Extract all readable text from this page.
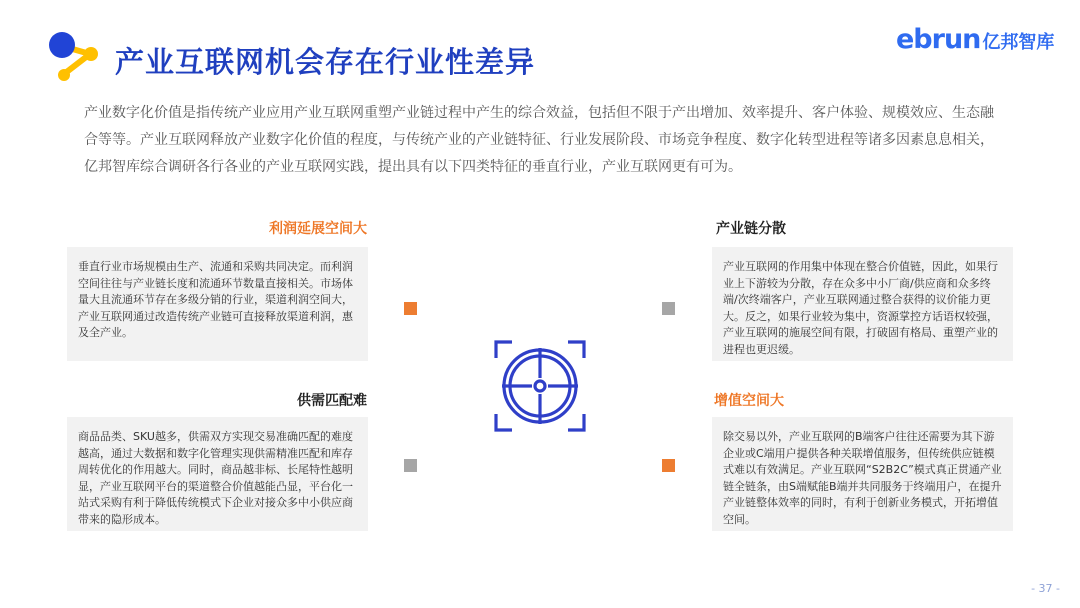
产业互联网机会存在行业性差异
ebrun 亿邦智库

产业数字化价值是指传统产业应用产业互联网重塑产业链过程中产生的综合效益，包括但不限于产出增加、效率提升、客户体验、规模效应、生态融合等等。产业互联网释放产业数字化价值的程度，与传统产业的产业链特征、行业发展阶段、市场竞争程度、数字化转型进程等诸多因素息息相关，亿邦智库综合调研各行各业的产业互联网实践，提出具有以下四类特征的垂直行业，产业互联网更有可为。

利润延展空间大
垂直行业市场规模由生产、流通和采购共同决定。而利润空间往往与产业链长度和流通环节数量直接相关。市场体量大且流通环节存在多级分销的行业，渠道利润空间大，产业互联网通过改造传统产业链可直接释放渠道利润，惠及全产业。
产业链分散
产业互联网的作用集中体现在整合价值链，因此，如果行业上下游较为分散，存在众多中小厂商/供应商和众多终端/次终端客户，产业互联网通过整合获得的议价能力更大。反之，如果行业较为集中，资源掌控方话语权较强，产业互联网的施展空间有限，打破固有格局、重塑产业的进程也更迟缓。
供需匹配难
商品品类、SKU越多，供需双方实现交易准确匹配的难度越高，通过大数据和数字化管理实现供需精准匹配和库存周转优化的作用越大。同时，商品越非标、长尾特性越明显，产业互联网平台的渠道整合价值越能凸显，平台化一站式采购有利于降低传统模式下企业对接众多中小供应商带来的隐形成本。
增值空间大
除交易以外，产业互联网的B端客户往往还需要为其下游企业或C端用户提供各种关联增值服务，但传统供应链模式难以有效满足。产业互联网“S2B2C”模式真正贯通产业链全链条，由S端赋能B端并共同服务于终端用户，在提升产业链整体效率的同时，有利于创新业务模式，开拓增值空间。
- 37 -
